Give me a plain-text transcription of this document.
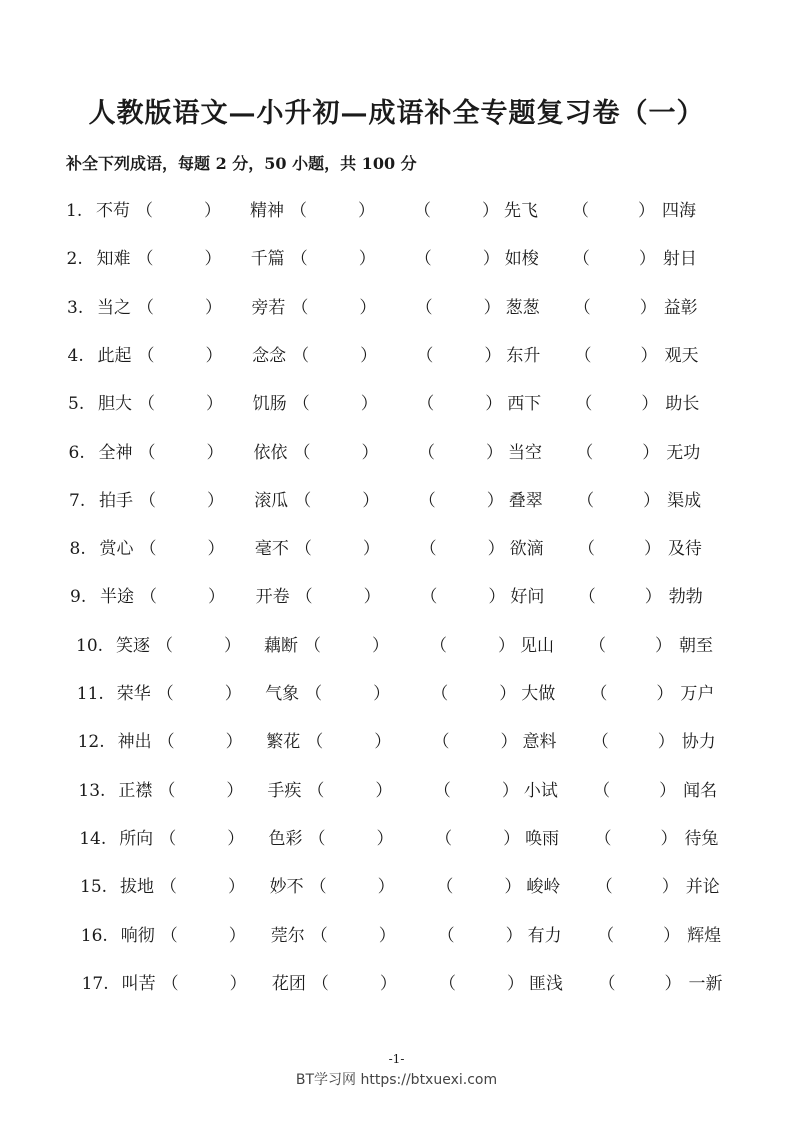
人教版语文—小升初—成语补全专题复习卷（一）
补全下列成语，每题 2 分，50 小题，共 100 分
1. 不苟 （	） 精神 （	） （	） 先飞 （	） 四海
2. 知难 （	） 千篇 （	） （	） 如梭 （	） 射日
3. 当之 （	） 旁若 （	） （	） 葱葱 （	） 益彰
4. 此起 （	） 念念 （	） （	） 东升 （	） 观天
5. 胆大 （	） 饥肠 （	） （	） 西下 （	） 助长
6. 全神 （	） 依依 （	） （	） 当空 （	） 无功
7. 拍手 （	） 滚瓜 （	） （	） 叠翠 （	） 渠成
8. 赏心 （	） 毫不 （	） （	） 欲滴 （	） 及待
9. 半途 （	） 开卷 （	） （	） 好问 （	） 勃勃
10. 笑逐 （	） 藕断 （	） （	） 见山 （	） 朝至
11. 荣华 （	） 气象 （	） （	） 大做 （	） 万户
12. 神出 （	） 繁花 （	） （	） 意料 （	） 协力
13. 正襟 （	） 手疾 （	） （	） 小试 （	） 闻名
14. 所向 （	） 色彩 （	） （	） 唤雨 （	） 待兔
15. 拔地 （	） 妙不 （	） （	） 峻岭 （	） 并论
16. 响彻 （	） 莞尔 （	） （	） 有力 （	） 辉煌
17. 叫苦 （	） 花团 （	） （	） 匪浅 （	） 一新
-1-
BT学习网 https://btxuexi.com
